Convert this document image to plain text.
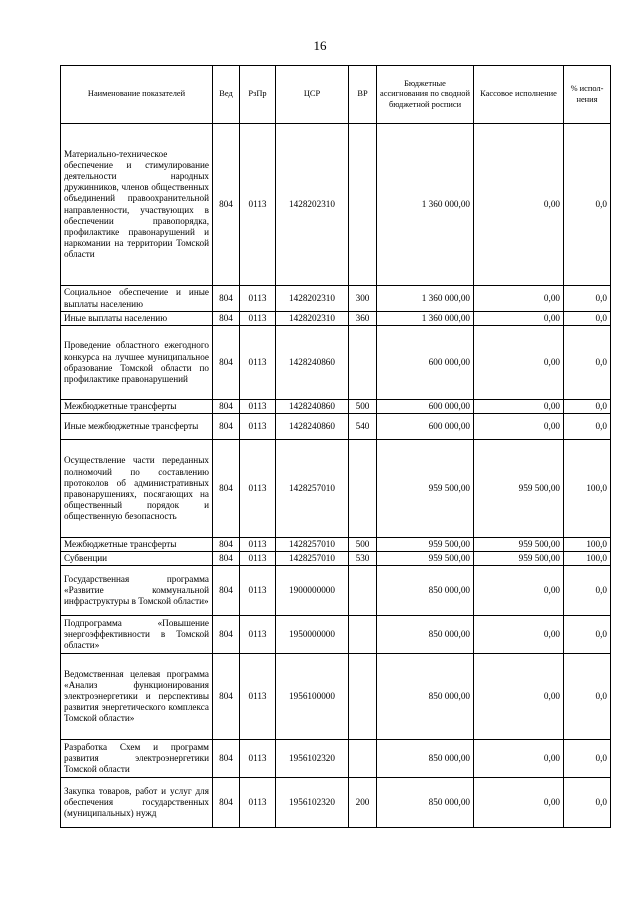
16
Наименование показателей	Вед	РзПр	ЦСР	ВР	Бюджетные ассигнования по сводной бюджетной росписи	Кассовое исполнение	% испол-нения
Материально-техническое обеспечение и стимулирование деятельности народных дружинников, членов общественных объединений правоохранительной направленности, участвующих в обеспечении правопорядка, профилактике правонарушений и наркомании на территории Томской области	804	0113	1428202310		1 360 000,00	0,00	0,0
Социальное обеспечение и иные выплаты населению	804	0113	1428202310	300	1 360 000,00	0,00	0,0
Иные выплаты населению	804	0113	1428202310	360	1 360 000,00	0,00	0,0
Проведение областного ежегодного конкурса на лучшее муниципальное образование Томской области по профилактике правонарушений	804	0113	1428240860		600 000,00	0,00	0,0
Межбюджетные трансферты	804	0113	1428240860	500	600 000,00	0,00	0,0
Иные межбюджетные трансферты	804	0113	1428240860	540	600 000,00	0,00	0,0
Осуществление части переданных полномочий по составлению протоколов об административных правонарушениях, посягающих на общественный порядок и общественную безопасность	804	0113	1428257010		959 500,00	959 500,00	100,0
Межбюджетные трансферты	804	0113	1428257010	500	959 500,00	959 500,00	100,0
Субвенции	804	0113	1428257010	530	959 500,00	959 500,00	100,0
Государственная программа «Развитие коммунальной инфраструктуры в Томской области»	804	0113	1900000000		850 000,00	0,00	0,0
Подпрограмма «Повышение энергоэффективности в Томской области»	804	0113	1950000000		850 000,00	0,00	0,0
Ведомственная целевая программа «Анализ функционирования электроэнергетики и перспективы развития энергетического комплекса Томской области»	804	0113	1956100000		850 000,00	0,00	0,0
Разработка Схем и программ развития электроэнергетики Томской области	804	0113	1956102320		850 000,00	0,00	0,0
Закупка товаров, работ и услуг для обеспечения государственных (муниципальных) нужд	804	0113	1956102320	200	850 000,00	0,00	0,0
